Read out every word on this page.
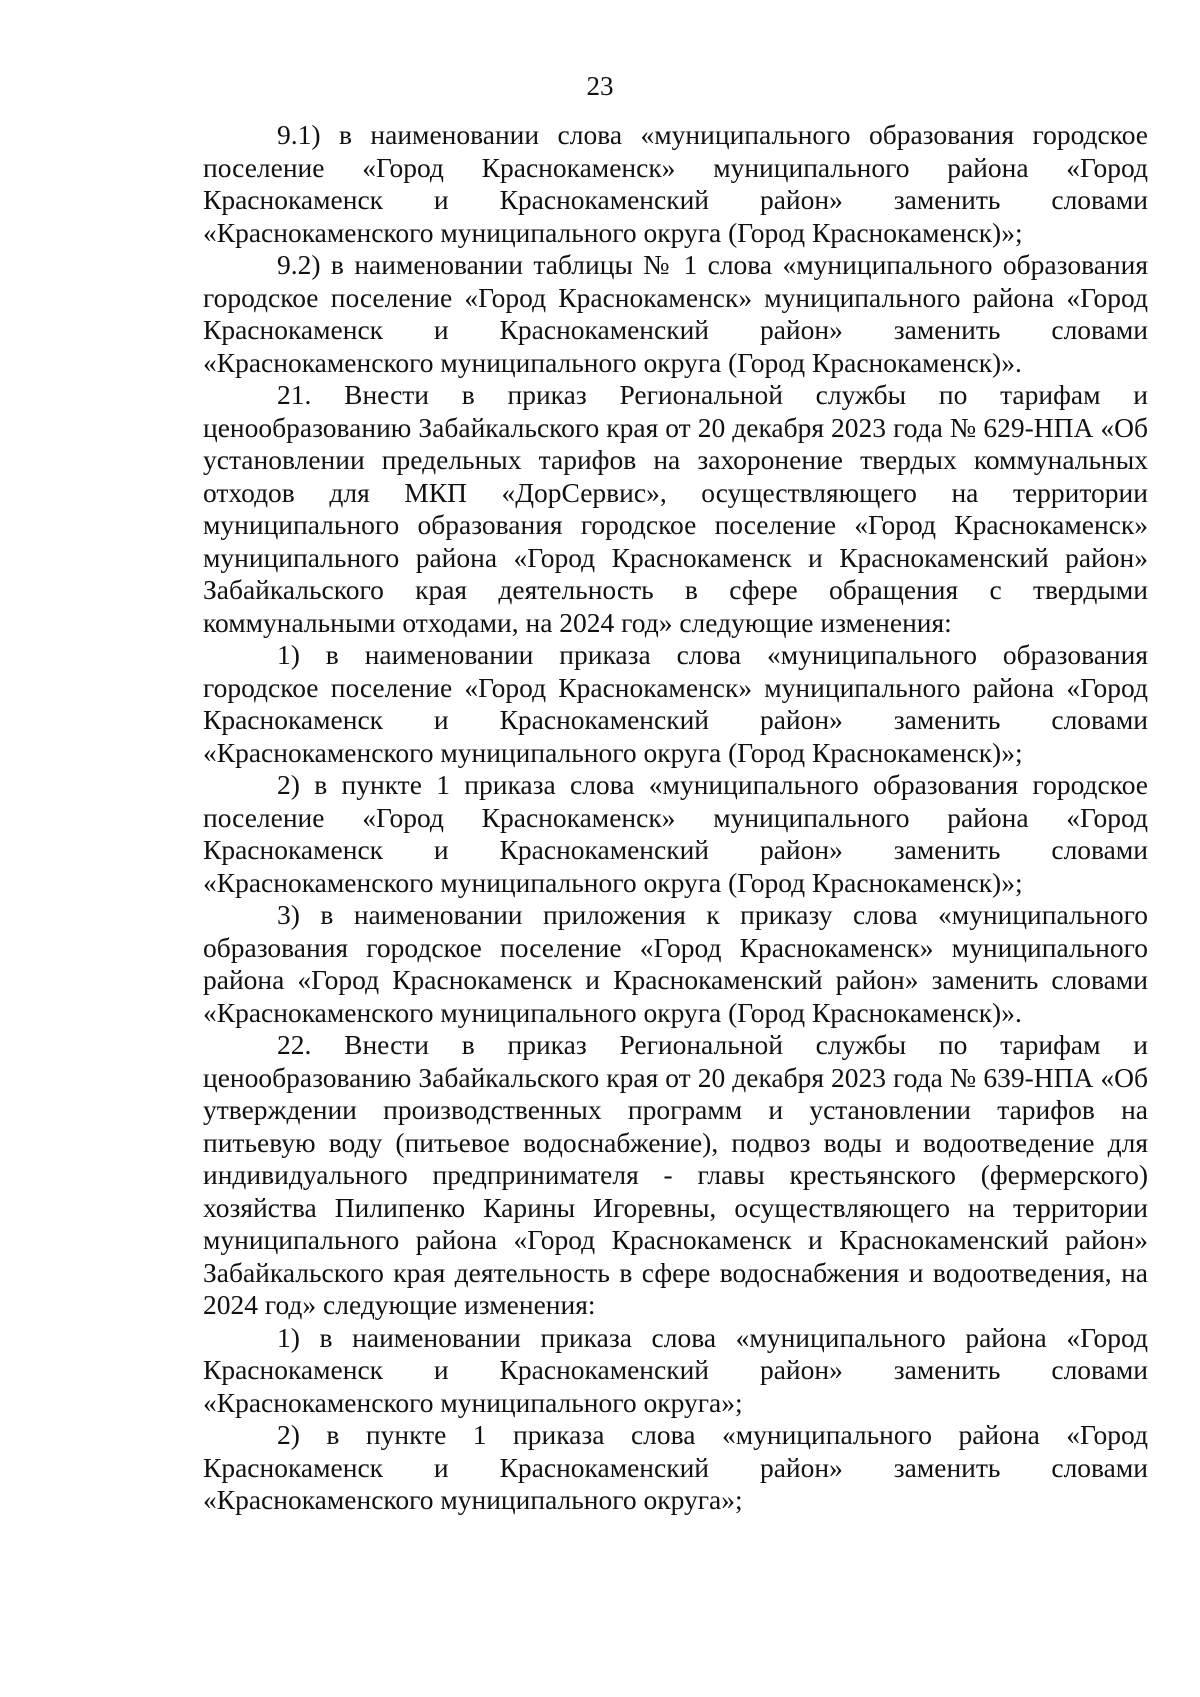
23

9.1) в наименовании слова «муниципального образования городское поселение «Город Краснокаменск» муниципального района «Город Краснокаменск и Краснокаменский район» заменить словами «Краснокаменского муниципального округа (Город Краснокаменск)»;

9.2) в наименовании таблицы № 1 слова «муниципального образования городское поселение «Город Краснокаменск» муниципального района «Город Краснокаменск и Краснокаменский район» заменить словами «Краснокаменского муниципального округа (Город Краснокаменск)».

21. Внести в приказ Региональной службы по тарифам и ценообразованию Забайкальского края от 20 декабря 2023 года № 629-НПА «Об установлении предельных тарифов на захоронение твердых коммунальных отходов для МКП «ДорСервис», осуществляющего на территории муниципального образования городское поселение «Город Краснокаменск» муниципального района «Город Краснокаменск и Краснокаменский район» Забайкальского края деятельность в сфере обращения с твердыми коммунальными отходами, на 2024 год» следующие изменения:

1) в наименовании приказа слова «муниципального образования городское поселение «Город Краснокаменск» муниципального района «Город Краснокаменск и Краснокаменский район» заменить словами «Краснокаменского муниципального округа (Город Краснокаменск)»;

2) в пункте 1 приказа слова «муниципального образования городское поселение «Город Краснокаменск» муниципального района «Город Краснокаменск и Краснокаменский район» заменить словами «Краснокаменского муниципального округа (Город Краснокаменск)»;

3) в наименовании приложения к приказу слова «муниципального образования городское поселение «Город Краснокаменск» муниципального района «Город Краснокаменск и Краснокаменский район» заменить словами «Краснокаменского муниципального округа (Город Краснокаменск)».

22. Внести в приказ Региональной службы по тарифам и ценообразованию Забайкальского края от 20 декабря 2023 года № 639-НПА «Об утверждении производственных программ и установлении тарифов на питьевую воду (питьевое водоснабжение), подвоз воды и водоотведение для индивидуального предпринимателя - главы крестьянского (фермерского) хозяйства Пилипенко Карины Игоревны, осуществляющего на территории муниципального района «Город Краснокаменск и Краснокаменский район» Забайкальского края деятельность в сфере водоснабжения и водоотведения, на 2024 год» следующие изменения:

1) в наименовании приказа слова «муниципального района «Город Краснокаменск и Краснокаменский район» заменить словами «Краснокаменского муниципального округа»;

2) в пункте 1 приказа слова «муниципального района «Город Краснокаменск и Краснокаменский район» заменить словами «Краснокаменского муниципального округа»;
